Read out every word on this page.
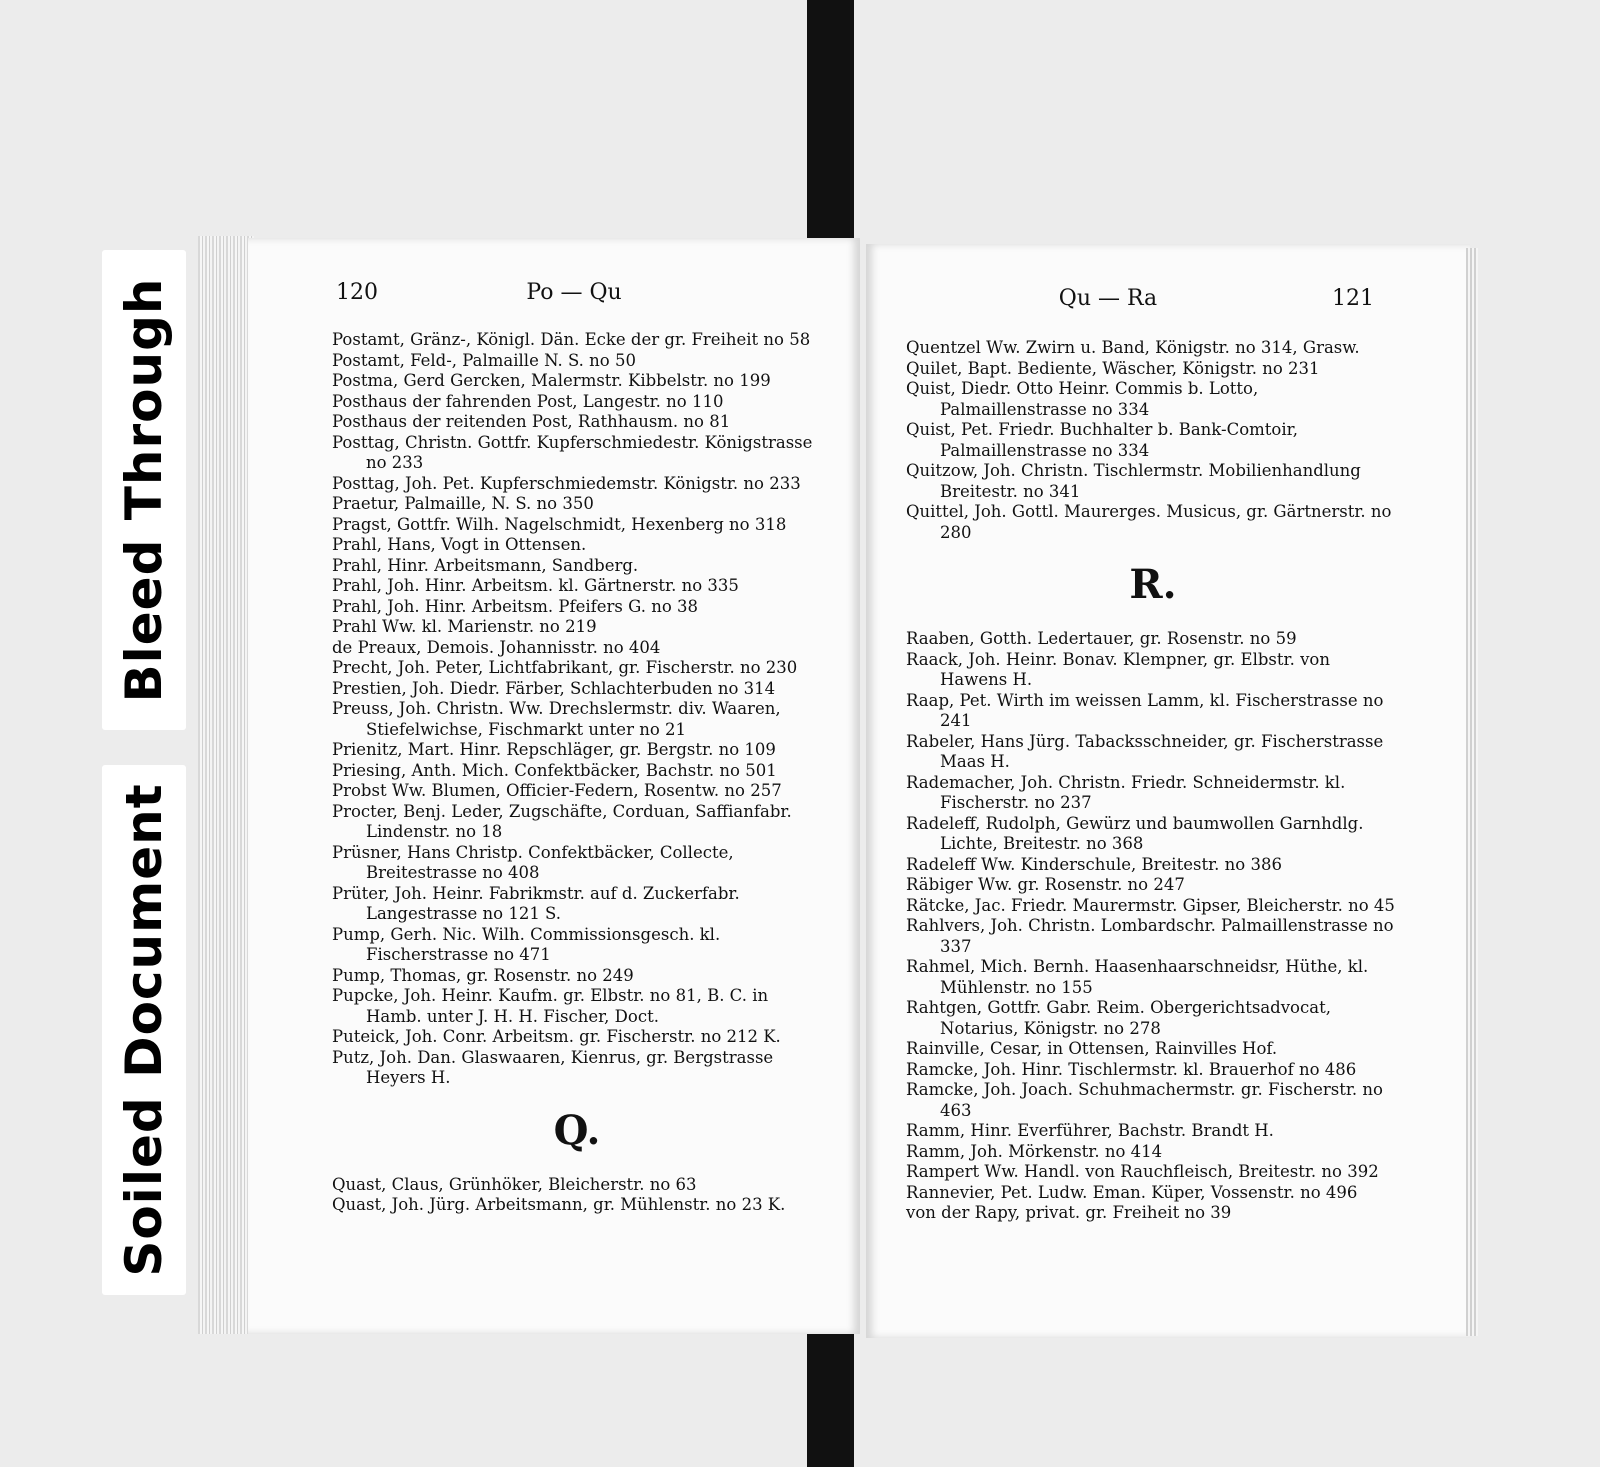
Bleed Through
Soiled Document
120	Po — Qu

Postamt, Gränz-, Königl. Dän. Ecke der gr. Freiheit no 58

Postamt, Feld-, Palmaille N. S. no 50

Postma, Gerd Gercken, Malermstr. Kibbelstr. no 199

Posthaus der fahrenden Post, Langestr. no 110

Posthaus der reitenden Post, Rathhausm. no 81

Posttag, Christn. Gottfr. Kupferschmiedestr. Königstrasse no 233

Posttag, Joh. Pet. Kupferschmiedemstr. Königstr. no 233

Praetur, Palmaille, N. S. no 350

Pragst, Gottfr. Wilh. Nagelschmidt, Hexenberg no 318

Prahl, Hans, Vogt in Ottensen.

Prahl, Hinr. Arbeitsmann, Sandberg.

Prahl, Joh. Hinr. Arbeitsm. kl. Gärtnerstr. no 335

Prahl, Joh. Hinr. Arbeitsm. Pfeifers G. no 38

Prahl Ww. kl. Marienstr. no 219

de Preaux, Demois. Johannisstr. no 404

Precht, Joh. Peter, Lichtfabrikant, gr. Fischerstr. no 230

Prestien, Joh. Diedr. Färber, Schlachterbuden no 314

Preuss, Joh. Christn. Ww. Drechslermstr. div. Waaren, Stiefelwichse, Fischmarkt unter no 21

Prienitz, Mart. Hinr. Repschläger, gr. Bergstr. no 109

Priesing, Anth. Mich. Confektbäcker, Bachstr. no 501

Probst Ww. Blumen, Officier-Federn, Rosentw. no 257

Procter, Benj. Leder, Zugschäfte, Corduan, Saffianfabr. Lindenstr. no 18

Prüsner, Hans Christp. Confektbäcker, Collecte, Breitestrasse no 408

Prüter, Joh. Heinr. Fabrikmstr. auf d. Zuckerfabr. Langestrasse no 121 S.

Pump, Gerh. Nic. Wilh. Commissionsgesch. kl. Fischerstrasse no 471

Pump, Thomas, gr. Rosenstr. no 249

Pupcke, Joh. Heinr. Kaufm. gr. Elbstr. no 81, B. C. in Hamb. unter J. H. H. Fischer, Doct.

Puteick, Joh. Conr. Arbeitsm. gr. Fischerstr. no 212 K.

Putz, Joh. Dan. Glaswaaren, Kienrus, gr. Bergstrasse Heyers H.

Q.

Quast, Claus, Grünhöker, Bleicherstr. no 63

Quast, Joh. Jürg. Arbeitsmann, gr. Mühlenstr. no 23 K.

Qu — Ra	121

Quentzel Ww. Zwirn u. Band, Königstr. no 314, Grasw.

Quilet, Bapt. Bediente, Wäscher, Königstr. no 231

Quist, Diedr. Otto Heinr. Commis b. Lotto, Palmaillenstrasse no 334

Quist, Pet. Friedr. Buchhalter b. Bank-Comtoir, Palmaillenstrasse no 334

Quitzow, Joh. Christn. Tischlermstr. Mobilienhandlung Breitestr. no 341

Quittel, Joh. Gottl. Maurerges. Musicus, gr. Gärtnerstr. no 280

R.

Raaben, Gotth. Ledertauer, gr. Rosenstr. no 59

Raack, Joh. Heinr. Bonav. Klempner, gr. Elbstr. von Hawens H.

Raap, Pet. Wirth im weissen Lamm, kl. Fischerstrasse no 241

Rabeler, Hans Jürg. Tabacksschneider, gr. Fischerstrasse Maas H.

Rademacher, Joh. Christn. Friedr. Schneidermstr. kl. Fischerstr. no 237

Radeleff, Rudolph, Gewürz und baumwollen Garnhdlg. Lichte, Breitestr. no 368

Radeleff Ww. Kinderschule, Breitestr. no 386

Räbiger Ww. gr. Rosenstr. no 247

Rätcke, Jac. Friedr. Maurermstr. Gipser, Bleicherstr. no 45

Rahlvers, Joh. Christn. Lombardschr. Palmaillenstrasse no 337

Rahmel, Mich. Bernh. Haasenhaarschneidsr, Hüthe, kl. Mühlenstr. no 155

Rahtgen, Gottfr. Gabr. Reim. Obergerichtsadvocat, Notarius, Königstr. no 278

Rainville, Cesar, in Ottensen, Rainvilles Hof.

Ramcke, Joh. Hinr. Tischlermstr. kl. Brauerhof no 486

Ramcke, Joh. Joach. Schuhmachermstr. gr. Fischerstr. no 463

Ramm, Hinr. Everführer, Bachstr. Brandt H.

Ramm, Joh. Mörkenstr. no 414

Rampert Ww. Handl. von Rauchfleisch, Breitestr. no 392

Rannevier, Pet. Ludw. Eman. Küper, Vossenstr. no 496

von der Rapy, privat. gr. Freiheit no 39
